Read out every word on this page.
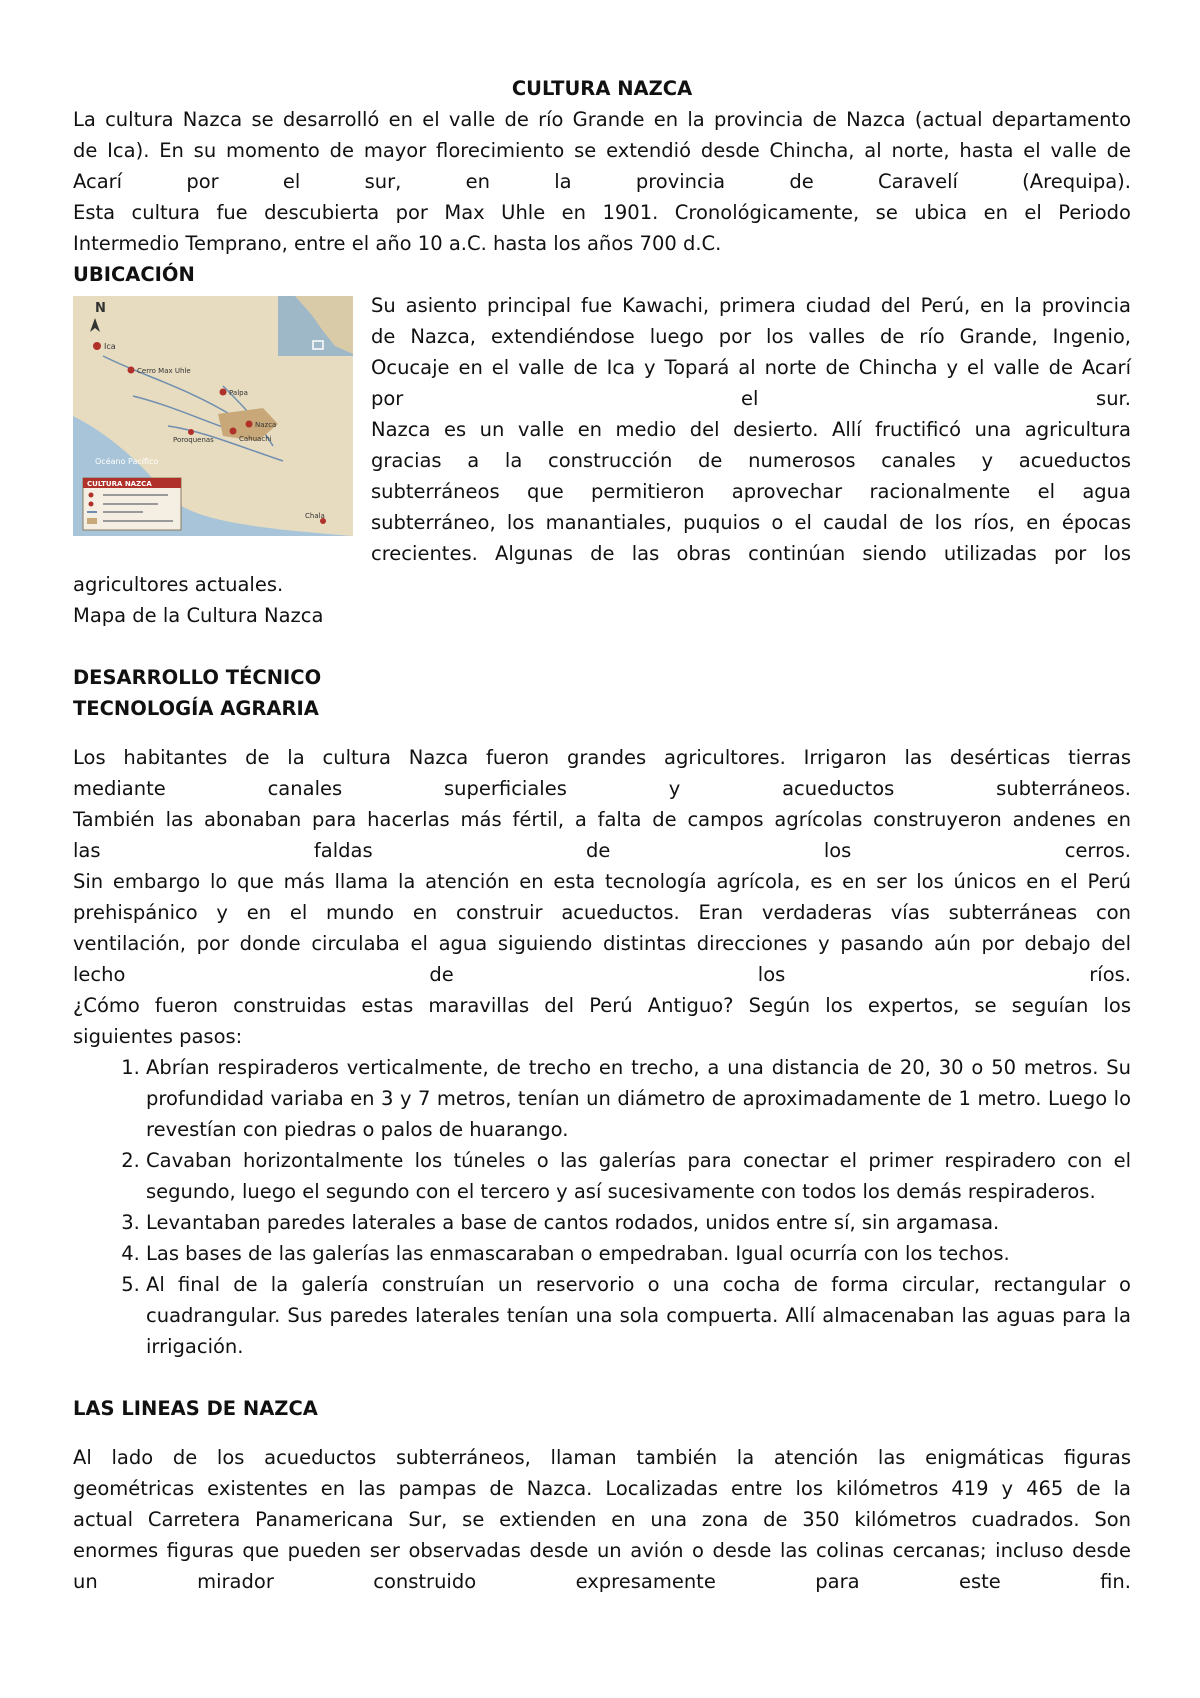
CULTURA NAZCA

La cultura Nazca se desarrolló en el valle de río Grande en la provincia de Nazca (actual departamento

de Ica). En su momento de mayor florecimiento se extendió desde Chincha, al norte, hasta el valle de

Acarí por el sur, en la provincia de Caravelí (Arequipa).

Esta cultura fue descubierta por Max Uhle en 1901. Cronológicamente, se ubica en el Periodo

Intermedio Temprano, entre el año 10 a.C. hasta los años 700 d.C.

UBICACIÓN

N
Ica
Cerro Max Uhle
Palpa
Nazca
Cahuachi
Poroquenas
Chala
Océano Pacífico
CULTURA NAZCA

Su asiento principal fue Kawachi, primera ciudad del Perú, en la provincia

de Nazca, extendiéndose luego por los valles de río Grande, Ingenio,

Ocucaje en el valle de Ica y Topará al norte de Chincha y el valle de Acarí

por el sur.

Nazca es un valle en medio del desierto. Allí fructificó una agricultura

gracias a la construcción de numerosos canales y acueductos

subterráneos que permitieron aprovechar racionalmente el agua

subterráneo, los manantiales, puquios o el caudal de los ríos, en épocas

crecientes. Algunas de las obras continúan siendo utilizadas por los

agricultores actuales.

Mapa de la Cultura Nazca

DESARROLLO TÉCNICO

TECNOLOGÍA AGRARIA

Los habitantes de la cultura Nazca fueron grandes agricultores. Irrigaron las desérticas tierras

mediante canales superficiales y acueductos subterráneos.

También las abonaban para hacerlas más fértil, a falta de campos agrícolas construyeron andenes en

las faldas de los cerros.

Sin embargo lo que más llama la atención en esta tecnología agrícola, es en ser los únicos en el Perú

prehispánico y en el mundo en construir acueductos. Eran verdaderas vías subterráneas con

ventilación, por donde circulaba el agua siguiendo distintas direcciones y pasando aún por debajo del

lecho de los ríos.

¿Cómo fueron construidas estas maravillas del Perú Antiguo? Según los expertos, se seguían los

siguientes pasos:

1. Abrían respiraderos verticalmente, de trecho en trecho, a una distancia de 20, 30 o 50 metros. Su profundidad variaba en 3 y 7 metros, tenían un diámetro de aproximadamente de 1 metro. Luego lo revestían con piedras o palos de huarango.
2. Cavaban horizontalmente los túneles o las galerías para conectar el primer respiradero con el segundo, luego el segundo con el tercero y así sucesivamente con todos los demás respiraderos.
3. Levantaban paredes laterales a base de cantos rodados, unidos entre sí, sin argamasa.
4. Las bases de las galerías las enmascaraban o empedraban. Igual ocurría con los techos.
5. Al final de la galería construían un reservorio o una cocha de forma circular, rectangular o cuadrangular. Sus paredes laterales tenían una sola compuerta. Allí almacenaban las aguas para la irrigación.

LAS LINEAS DE NAZCA

Al lado de los acueductos subterráneos, llaman también la atención las enigmáticas figuras

geométricas existentes en las pampas de Nazca. Localizadas entre los kilómetros 419 y 465 de la

actual Carretera Panamericana Sur, se extienden en una zona de 350 kilómetros cuadrados. Son

enormes figuras que pueden ser observadas desde un avión o desde las colinas cercanas; incluso desde

un mirador construido expresamente para este fin.
